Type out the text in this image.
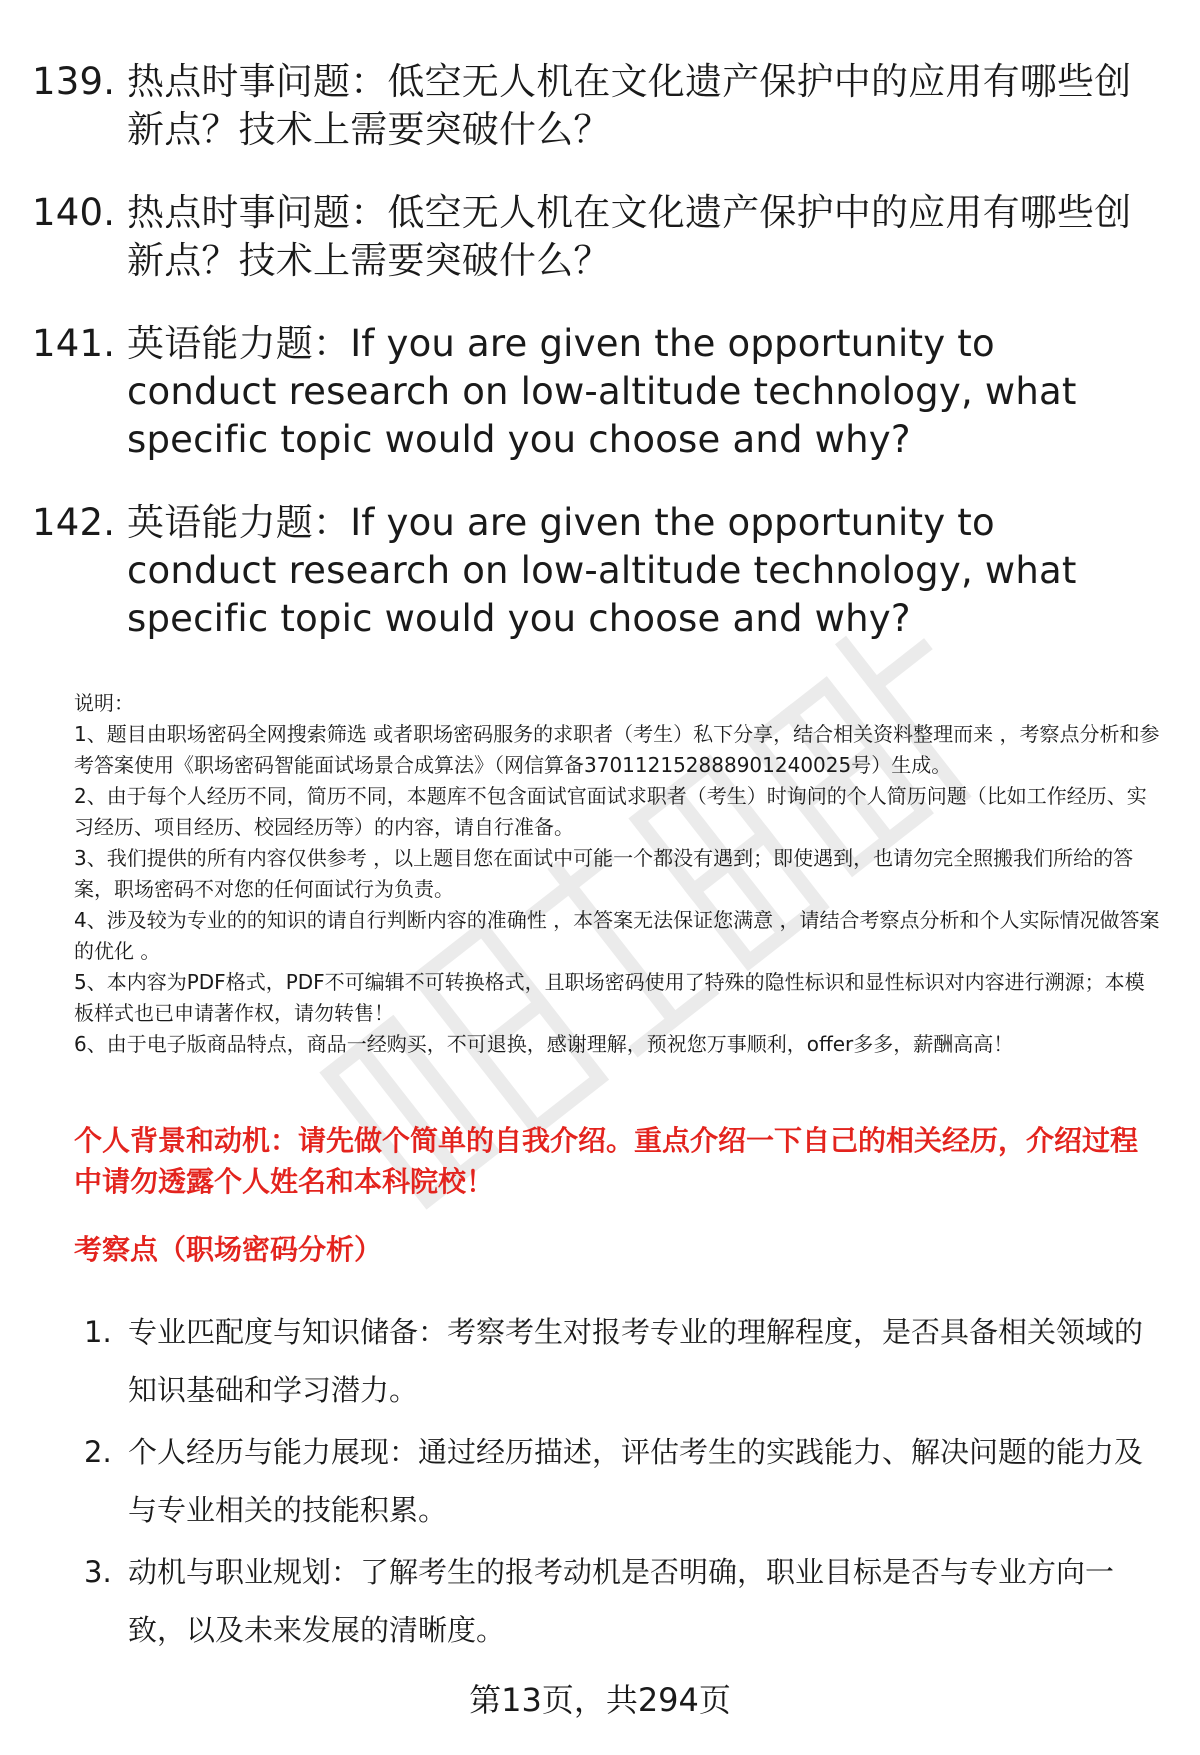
139. 热点时事问题：低空无人机在文化遗产保护中的应用有哪些创新点？技术上需要突破什么？
140. 热点时事问题：低空无人机在文化遗产保护中的应用有哪些创新点？技术上需要突破什么？
141. 英语能力题：If you are given the opportunity to conduct research on low-altitude technology, what specific topic would you choose and why?
142. 英语能力题：If you are given the opportunity to conduct research on low-altitude technology, what specific topic would you choose and why?

说明：

1、题目由职场密码全网搜索筛选 或者职场密码服务的求职者（考生）私下分享，结合相关资料整理而来 ，考察点分析和参考答案使用《职场密码智能面试场景合成算法》（网信算备370112152888901240025号）生成。

2、由于每个人经历不同，简历不同，本题库不包含面试官面试求职者（考生）时询问的个人简历问题（比如工作经历、实习经历、项目经历、校园经历等）的内容，请自行准备。

3、我们提供的所有内容仅供参考 ，以上题目您在面试中可能一个都没有遇到；即使遇到，也请勿完全照搬我们所给的答案，职场密码不对您的任何面试行为负责。

4、涉及较为专业的的知识的请自行判断内容的准确性 ，本答案无法保证您满意 ，请结合考察点分析和个人实际情况做答案的优化 。

5、本内容为PDF格式，PDF不可编辑不可转换格式，且职场密码使用了特殊的隐性标识和显性标识对内容进行溯源；本模板样式也已申请著作权，请勿转售！

6、由于电子版商品特点，商品一经购买，不可退换，感谢理解，预祝您万事顺利，offer多多，薪酬高高！

个人背景和动机：请先做个简单的自我介绍。重点介绍一下自己的相关经历，介绍过程中请勿透露个人姓名和本科院校！
考察点（职场密码分析）
1. 专业匹配度与知识储备：考察考生对报考专业的理解程度，是否具备相关领域的知识基础和学习潜力。
2. 个人经历与能力展现：通过经历描述，评估考生的实践能力、解决问题的能力及与专业相关的技能积累。
3. 动机与职业规划：了解考生的报考动机是否明确，职业目标是否与专业方向一致，以及未来发展的清晰度。
第13页，共294页
